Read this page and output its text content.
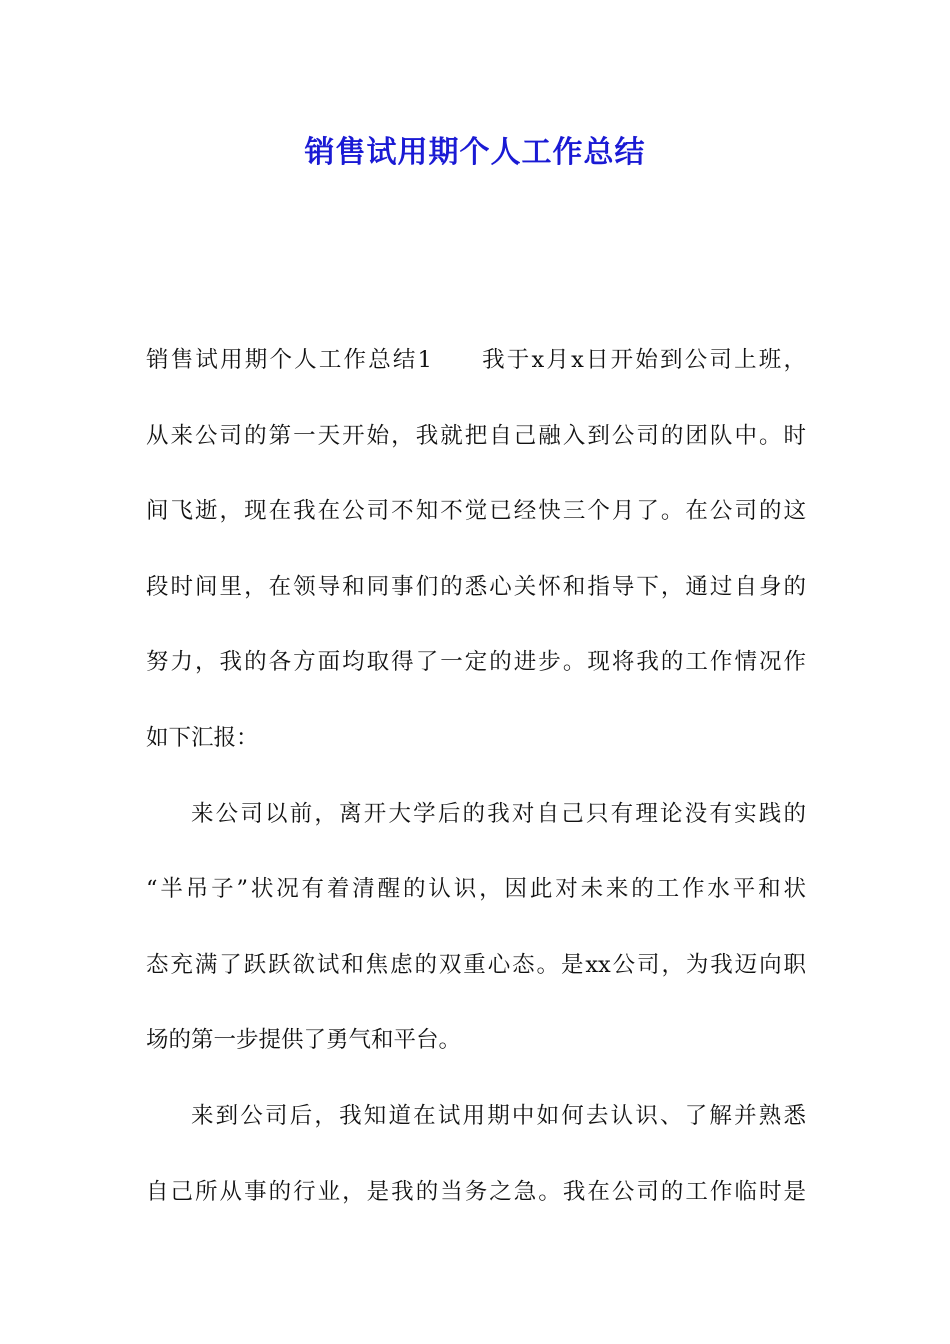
销售试用期个人工作总结
销售试用期个人工作总结1 我于x月x日开始到公司上班，
从来公司的第一天开始，我就把自己融入到公司的团队中。时
间飞逝，现在我在公司不知不觉已经快三个月了。在公司的这
段时间里，在领导和同事们的悉心关怀和指导下，通过自身的
努力，我的各方面均取得了一定的进步。现将我的工作情况作
如下汇报：
来公司以前，离开大学后的我对自己只有理论没有实践的
“半吊子”状况有着清醒的认识，因此对未来的工作水平和状
态充满了跃跃欲试和焦虑的双重心态。是xx公司，为我迈向职
场的第一步提供了勇气和平台。
来到公司后，我知道在试用期中如何去认识、了解并熟悉
自己所从事的行业，是我的当务之急。我在公司的工作临时是
